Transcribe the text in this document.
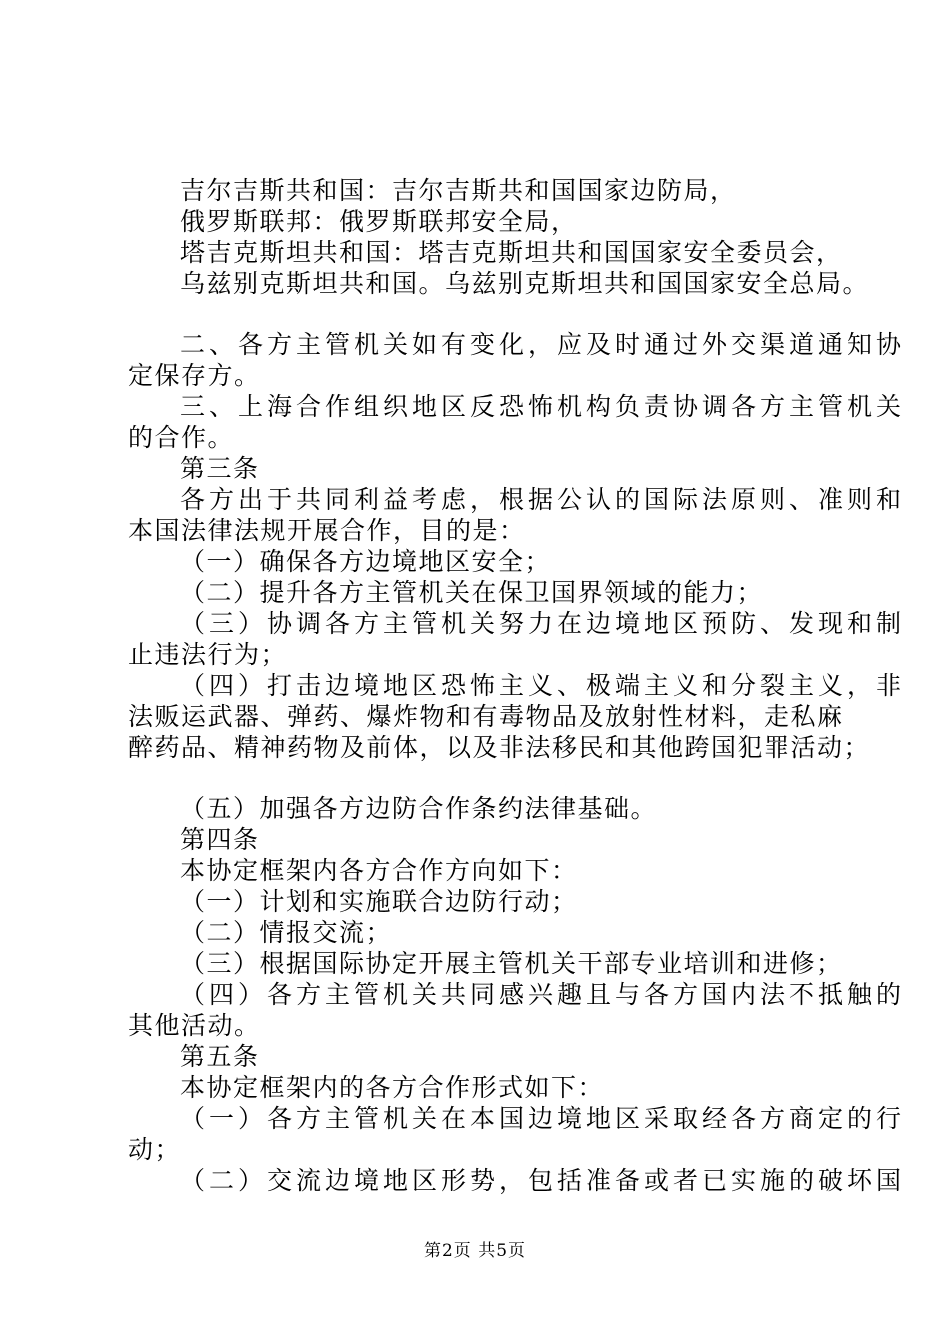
吉尔吉斯共和国：吉尔吉斯共和国国家边防局，
俄罗斯联邦：俄罗斯联邦安全局，
塔吉克斯坦共和国：塔吉克斯坦共和国国家安全委员会，
乌兹别克斯坦共和国。乌兹别克斯坦共和国国家安全总局。
二、各方主管机关如有变化，应及时通过外交渠道通知协
定保存方。
三、上海合作组织地区反恐怖机构负责协调各方主管机关
的合作。
第三条
各方出于共同利益考虑，根据公认的国际法原则、准则和
本国法律法规开展合作，目的是：
（一）确保各方边境地区安全；
（二）提升各方主管机关在保卫国界领域的能力；
（三）协调各方主管机关努力在边境地区预防、发现和制
止违法行为；
（四）打击边境地区恐怖主义、极端主义和分裂主义，非
法贩运武器、弹药、爆炸物和有毒物品及放射性材料，走私麻
醉药品、精神药物及前体，以及非法移民和其他跨国犯罪活动；
（五）加强各方边防合作条约法律基础。
第四条
本协定框架内各方合作方向如下：
（一）计划和实施联合边防行动；
（二）情报交流；
（三）根据国际协定开展主管机关干部专业培训和进修；
（四）各方主管机关共同感兴趣且与各方国内法不抵触的
其他活动。
第五条
本协定框架内的各方合作形式如下：
（一）各方主管机关在本国边境地区采取经各方商定的行
动；
（二）交流边境地区形势，包括准备或者已实施的破坏国
第2页 共5页
